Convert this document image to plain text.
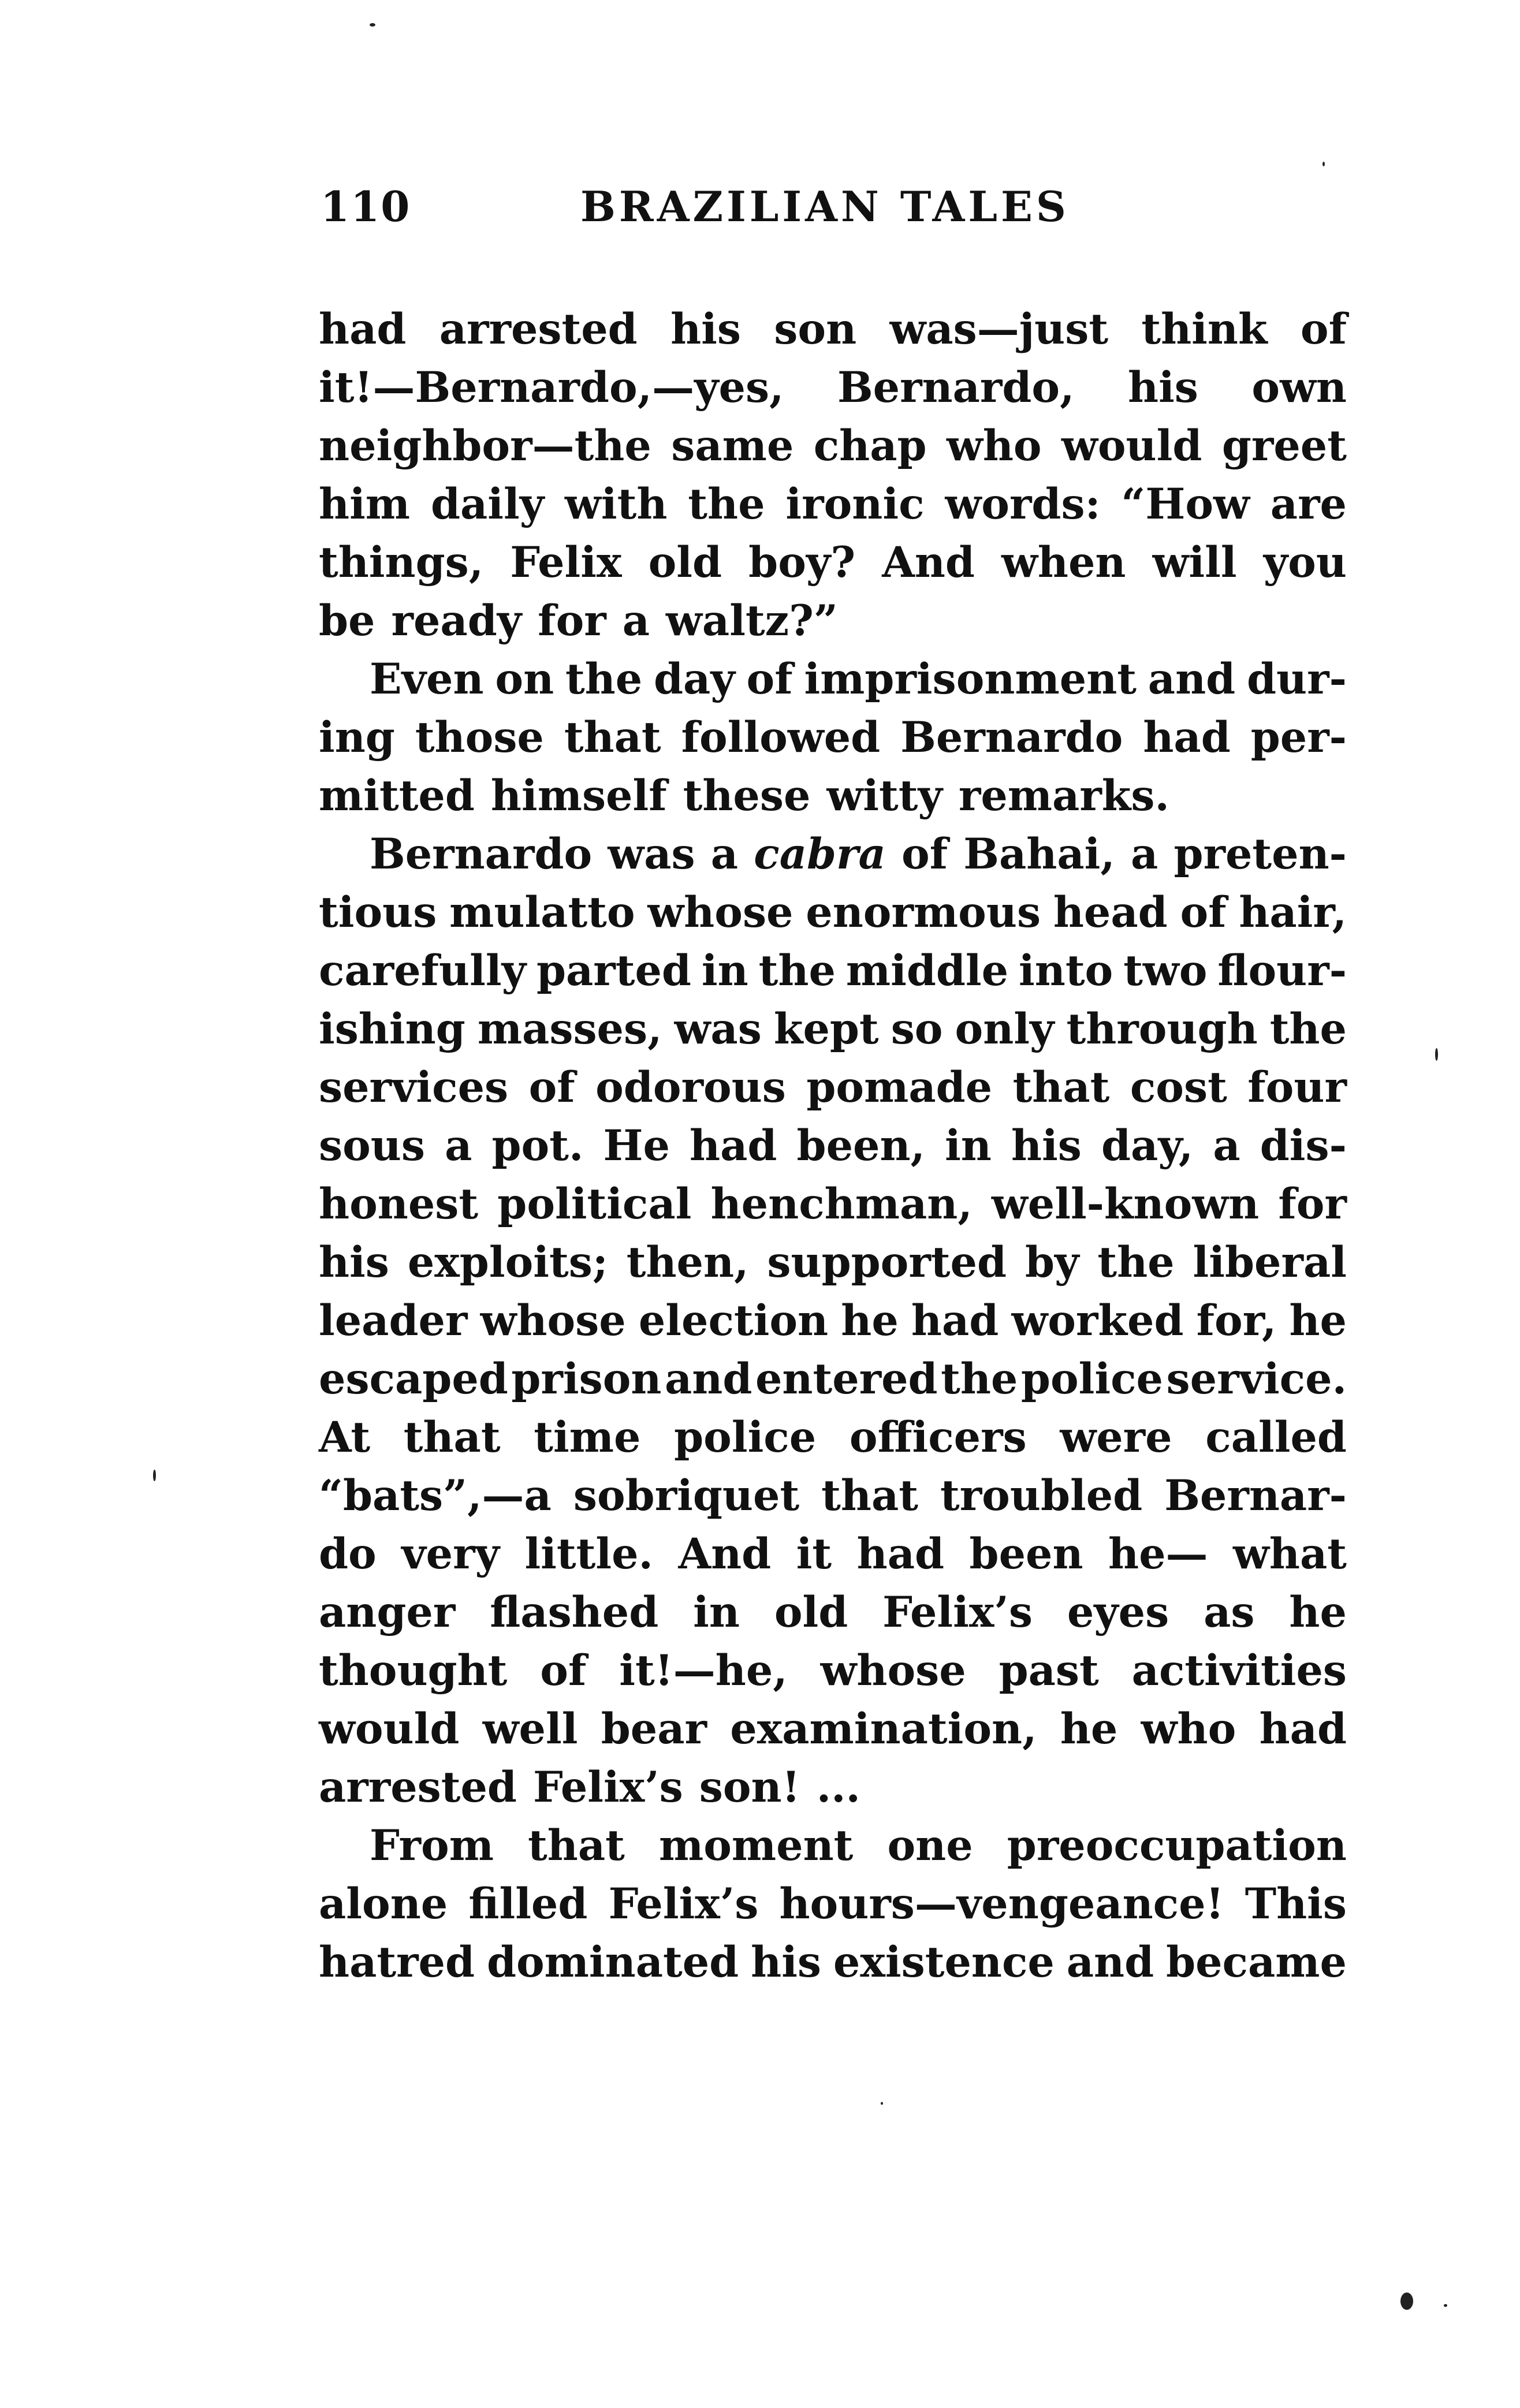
110	BRAZILIAN TALES
had arrested his son was—just think of
it!—Bernardo,—yes, Bernardo, his own
neighbor—the same chap who would greet
him daily with the ironic words: “How are
things, Felix old boy? And when will you
be ready for a waltz?”
Even on the day of imprisonment and dur-
ing those that followed Bernardo had per-
mitted himself these witty remarks.
Bernardo was a cabra of Bahai, a preten-
tious mulatto whose enormous head of hair,
carefully parted in the middle into two flour-
ishing masses, was kept so only through the
services of odorous pomade that cost four
sous a pot. He had been, in his day, a dis-
honest political henchman, well-known for
his exploits; then, supported by the liberal
leader whose election he had worked for, he
escaped prison and entered the police service.
At that time police officers were called
“bats”,—a sobriquet that troubled Bernar-
do very little. And it had been he— what
anger flashed in old Felix’s eyes as he
thought of it!—he, whose past activities
would well bear examination, he who had
arrested Felix’s son! ...
From that moment one preoccupation
alone filled Felix’s hours—vengeance! This
hatred dominated his existence and became
